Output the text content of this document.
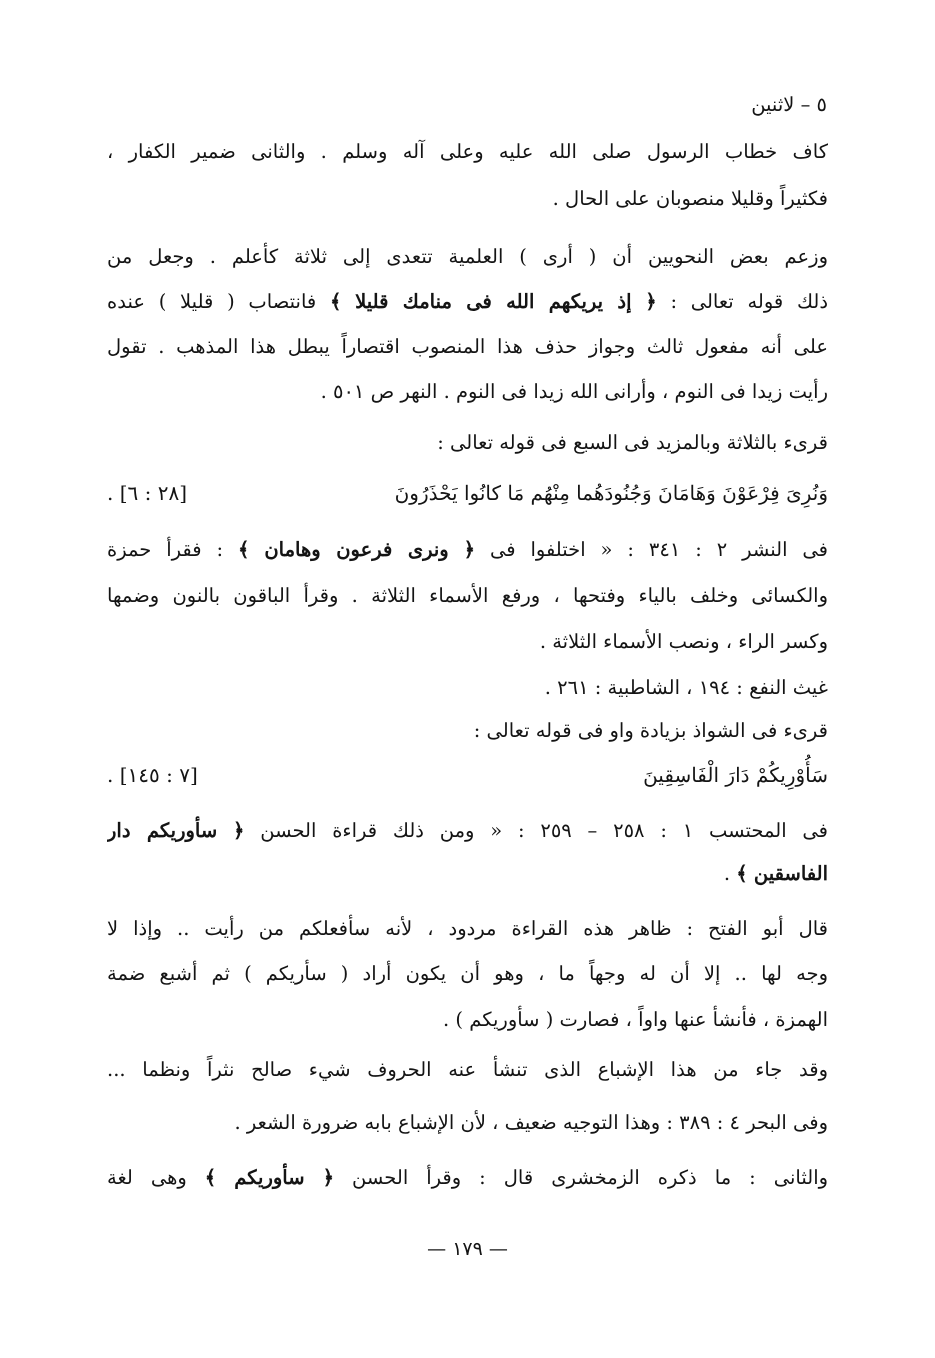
٥ – لاثنين
كاف خطاب الرسول صلى الله عليه وعلى آله وسلم . والثانى ضمير الكفار ،
فكثيراً وقليلا منصوبان على الحال .
وزعم بعض النحويين أن ( أرى ) العلمية تتعدى إلى ثلاثة كأعلم . وجعل من
على أنه مفعول ثالث وجواز حذف هذا المنصوب اقتصاراً يبطل هذا المذهب . تقول
رأيت زيدا فى النوم ، وأرانى الله زيدا فى النوم . النهر ص ٥٠١ .
قرىء بالثلاثة وبالمزيد فى السبع فى قوله تعالى :
والكسائى وخلف بالياء وفتحها ، ورفع الأسماء الثلاثة . وقرأ الباقون بالنون وضمها
وكسر الراء ، ونصب الأسماء الثلاثة .
غيث النفع : ١٩٤ ، الشاطبية : ٢٦١ .
قرىء فى الشواذ بزيادة واو فى قوله تعالى :
قال أبو الفتح : ظاهر هذه القراءة مردود ، لأنه سأفعلكم من رأيت .. وإذا لا
وجه لها .. إلا أن له وجهاً ما ، وهو أن يكون أراد ( سأريكم ) ثم أشبع ضمة
الهمزة ، فأنشأ عنها واواً ، فصارت ( سأوريكم ) .
وقد جاء من هذا الإشباع الذى تنشأ عنه الحروف شيء صالح نثراً ونظما ...
وفى البحر ٤ : ٣٨٩ : وهذا التوجيه ضعيف ، لأن الإشباع بابه ضرورة الشعر .
ذلك قوله تعالى : ﴿ إذ يريكهم الله فى منامك قليلا ﴾ فانتصاب ( قليلا ) عنده
وَنُرِىَ فِرْعَوْنَ وَهَامَانَ وَجُنُودَهُما مِنْهُم مَا كانُوا يَحْذَرُونَ
[٢٨ : ٦] .
فى النشر ٢ : ٣٤١ : « اختلفوا فى ﴿ ونرى فرعون وهامان ﴾ : فقرأ حمزة
سَأُوْرِيكُمْ دَارَ الْفَاسِقِينَ
[٧ : ١٤٥] .
فى المحتسب ١ : ٢٥٨ – ٢٥٩ : « ومن ذلك قراءة الحسن ﴿ سأوريكم دار
الفاسقين ﴾ .
والثانى : ما ذكره الزمخشرى قال : وقرأ الحسن ﴿ سأوريكم ﴾ وهى لغة
— ١٧٩ —
